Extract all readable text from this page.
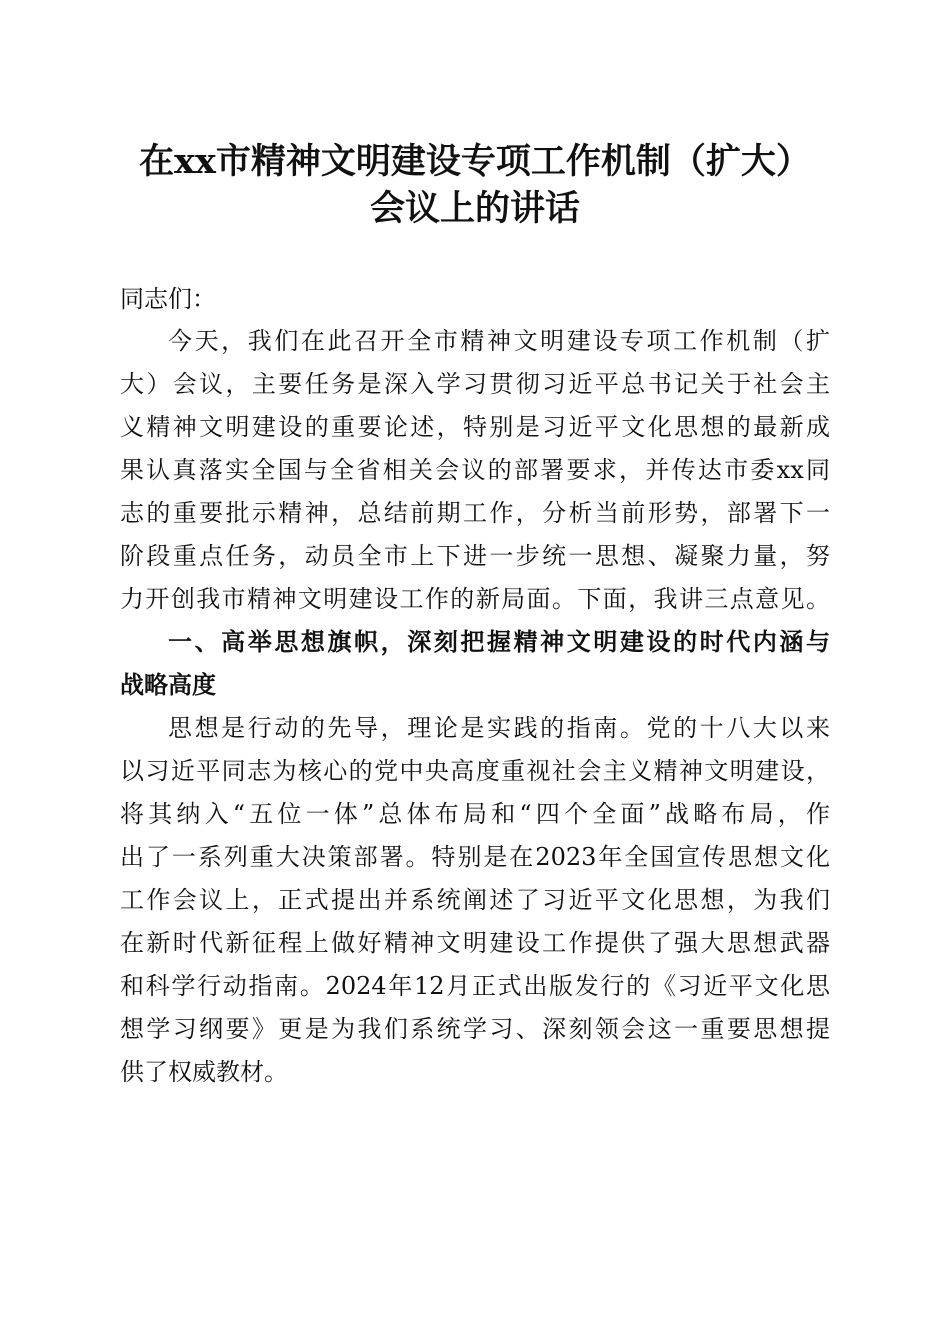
在xx市精神文明建设专项工作机制（扩大）
会议上的讲话
同志们：
今天，我们在此召开全市精神文明建设专项工作机制（扩
大）会议，主要任务是深入学习贯彻习近平总书记关于社会主
义精神文明建设的重要论述，特别是习近平文化思想的最新成
果认真落实全国与全省相关会议的部署要求，并传达市委xx同
志的重要批示精神，总结前期工作，分析当前形势，部署下一
阶段重点任务，动员全市上下进一步统一思想、凝聚力量，努
力开创我市精神文明建设工作的新局面。下面，我讲三点意见。
一、高举思想旗帜，深刻把握精神文明建设的时代内涵与
战略高度
思想是行动的先导，理论是实践的指南。党的十八大以来
以习近平同志为核心的党中央高度重视社会主义精神文明建设，
将其纳入“五位一体”总体布局和“四个全面”战略布局，作
出了一系列重大决策部署。特别是在2023年全国宣传思想文化
工作会议上，正式提出并系统阐述了习近平文化思想，为我们
在新时代新征程上做好精神文明建设工作提供了强大思想武器
和科学行动指南。2024年12月正式出版发行的《习近平文化思
想学习纲要》更是为我们系统学习、深刻领会这一重要思想提
供了权威教材。
